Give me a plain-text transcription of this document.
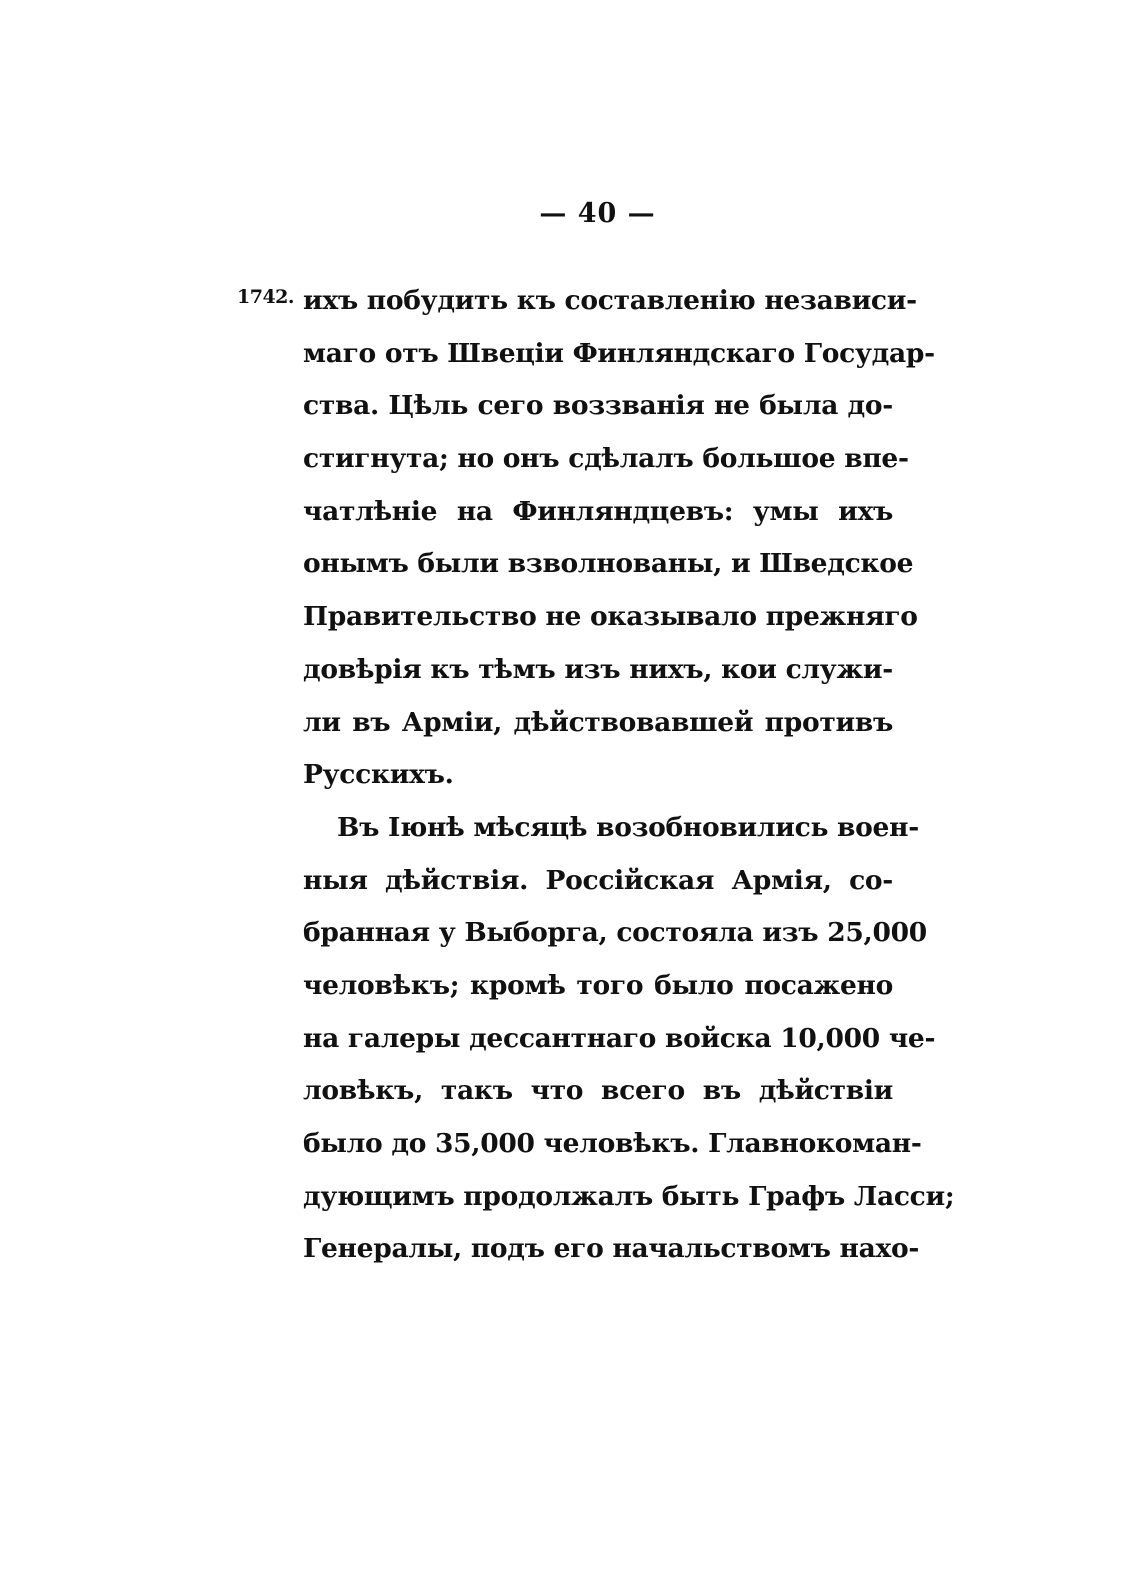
— 40 —
1742. ихъ побудить къ составленію независи-
маго отъ Швеціи Финляндскаго Государ-
ства. Цѣль сего воззванія не была до-
стигнута; но онъ сдѣлалъ большое впе-
чатлѣніе на Финляндцевъ: умы ихъ
онымъ были взволнованы, и Шведское
Правительство не оказывало прежняго
довѣрія къ тѣмъ изъ нихъ, кои служи-
ли въ Арміи, дѣйствовавшей противъ
Русскихъ.
Въ Іюнѣ мѣсяцѣ возобновились воен-
ныя дѣйствія. Россійская Армія, со-
бранная у Выборга, состояла изъ 25,000
человѣкъ; кромѣ того было посажено
на галеры дессантнаго войска 10,000 че-
ловѣкъ, такъ что всего въ дѣйствіи
было до 35,000 человѣкъ. Главнокоман-
дующимъ продолжалъ быть Графъ Ласси;
Генералы, подъ его начальствомъ нахо-
